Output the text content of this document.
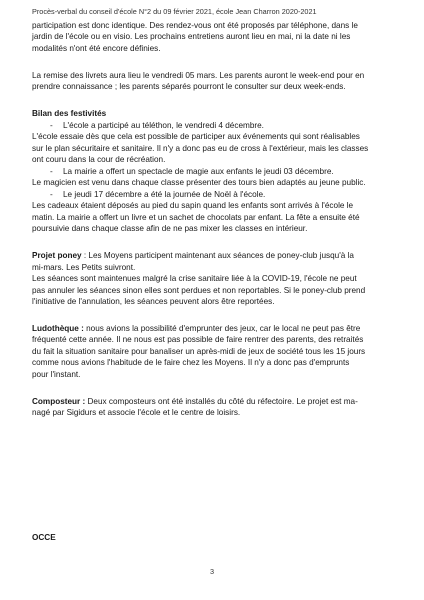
Procès-verbal du conseil d'école N°2 du 09 février 2021, école Jean Charron 2020-2021
participation est donc identique. Des rendez-vous ont été proposés par téléphone, dans le
jardin de l'école ou en visio. Les prochains entretiens auront lieu en mai, ni la date ni les
modalités n'ont été encore définies.
La remise des livrets aura lieu le vendredi 05 mars. Les parents auront le week-end pour en
prendre connaissance ; les parents séparés pourront le consulter sur deux week-ends.
Bilan des festivités
- L'école a participé au téléthon, le vendredi 4 décembre.
L'école essaie dès que cela est possible de participer aux événements qui sont réalisables
sur le plan sécuritaire et sanitaire. Il n'y a donc pas eu de cross à l'extérieur, mais les classes
ont couru dans la cour de récréation.
- La mairie a offert un spectacle de magie aux enfants le jeudi 03 décembre.
Le magicien est venu dans chaque classe présenter des tours bien adaptés au jeune public.
- Le jeudi 17 décembre a été la journée de Noël à l'école.
Les cadeaux étaient déposés au pied du sapin quand les enfants sont arrivés à l'école le
matin. La mairie a offert un livre et un sachet de chocolats par enfant. La fête a ensuite été
poursuivie dans chaque classe afin de ne pas mixer les classes en intérieur.
Projet poney : Les Moyens participent maintenant aux séances de poney-club jusqu'à la
mi-mars. Les Petits suivront.
Les séances sont maintenues malgré la crise sanitaire liée à la COVID-19, l'école ne peut
pas annuler les séances sinon elles sont perdues et non reportables. Si le poney-club prend
l'initiative de l'annulation, les séances peuvent alors être reportées.
Ludothèque : nous avions la possibilité d'emprunter des jeux, car le local ne peut pas être
fréquenté cette année. Il ne nous est pas possible de faire rentrer des parents, des retraités
du fait la situation sanitaire pour banaliser un après-midi de jeux de société tous les 15 jours
comme nous avions l'habitude de le faire chez les Moyens. Il n'y a donc pas d'emprunts
pour l'instant.
Composteur : Deux composteurs ont été installés du côté du réfectoire. Le projet est ma-
nagé par Sigidurs et associe l'école et le centre de loisirs.
OCCE
3
